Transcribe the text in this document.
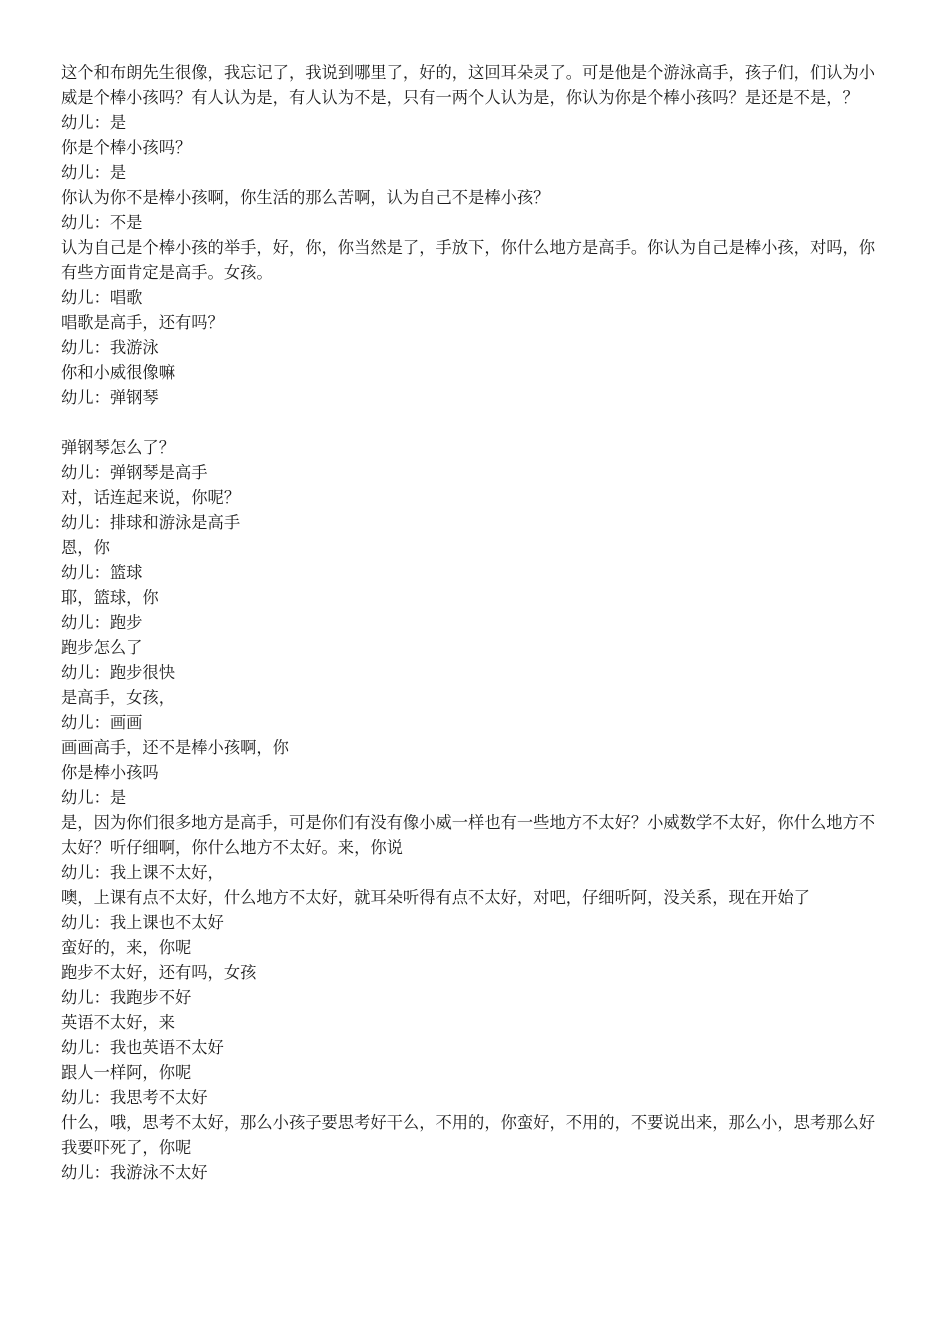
这个和布朗先生很像，我忘记了，我说到哪里了，好的，这回耳朵灵了。可是他是个游泳高手，孩子们，们认为小威是个棒小孩吗？有人认为是，有人认为不是，只有一两个人认为是，你认为你是个棒小孩吗？是还是不是，？
幼儿：是
你是个棒小孩吗？
幼儿：是
你认为你不是棒小孩啊，你生活的那么苦啊，认为自己不是棒小孩？
幼儿：不是
认为自己是个棒小孩的举手，好，你，你当然是了，手放下，你什么地方是高手。你认为自己是棒小孩，对吗，你有些方面肯定是高手。女孩。
幼儿：唱歌
唱歌是高手，还有吗？
幼儿：我游泳
你和小威很像嘛
幼儿：弹钢琴
弹钢琴怎么了？
幼儿：弹钢琴是高手
对，话连起来说，你呢？
幼儿：排球和游泳是高手
恩，你
幼儿：篮球
耶，篮球，你
幼儿：跑步
跑步怎么了
幼儿：跑步很快
是高手，女孩，
幼儿：画画
画画高手，还不是棒小孩啊，你
你是棒小孩吗
幼儿：是
是，因为你们很多地方是高手，可是你们有没有像小威一样也有一些地方不太好？小威数学不太好，你什么地方不太好？听仔细啊，你什么地方不太好。来，你说
幼儿：我上课不太好，
噢，上课有点不太好，什么地方不太好，就耳朵听得有点不太好，对吧，仔细听阿，没关系，现在开始了
幼儿：我上课也不太好
蛮好的，来，你呢
跑步不太好，还有吗，女孩
幼儿：我跑步不好
英语不太好，来
幼儿：我也英语不太好
跟人一样阿，你呢
幼儿：我思考不太好
什么，哦，思考不太好，那么小孩子要思考好干么，不用的，你蛮好，不用的，不要说出来，那么小，思考那么好我要吓死了，你呢
幼儿：我游泳不太好
